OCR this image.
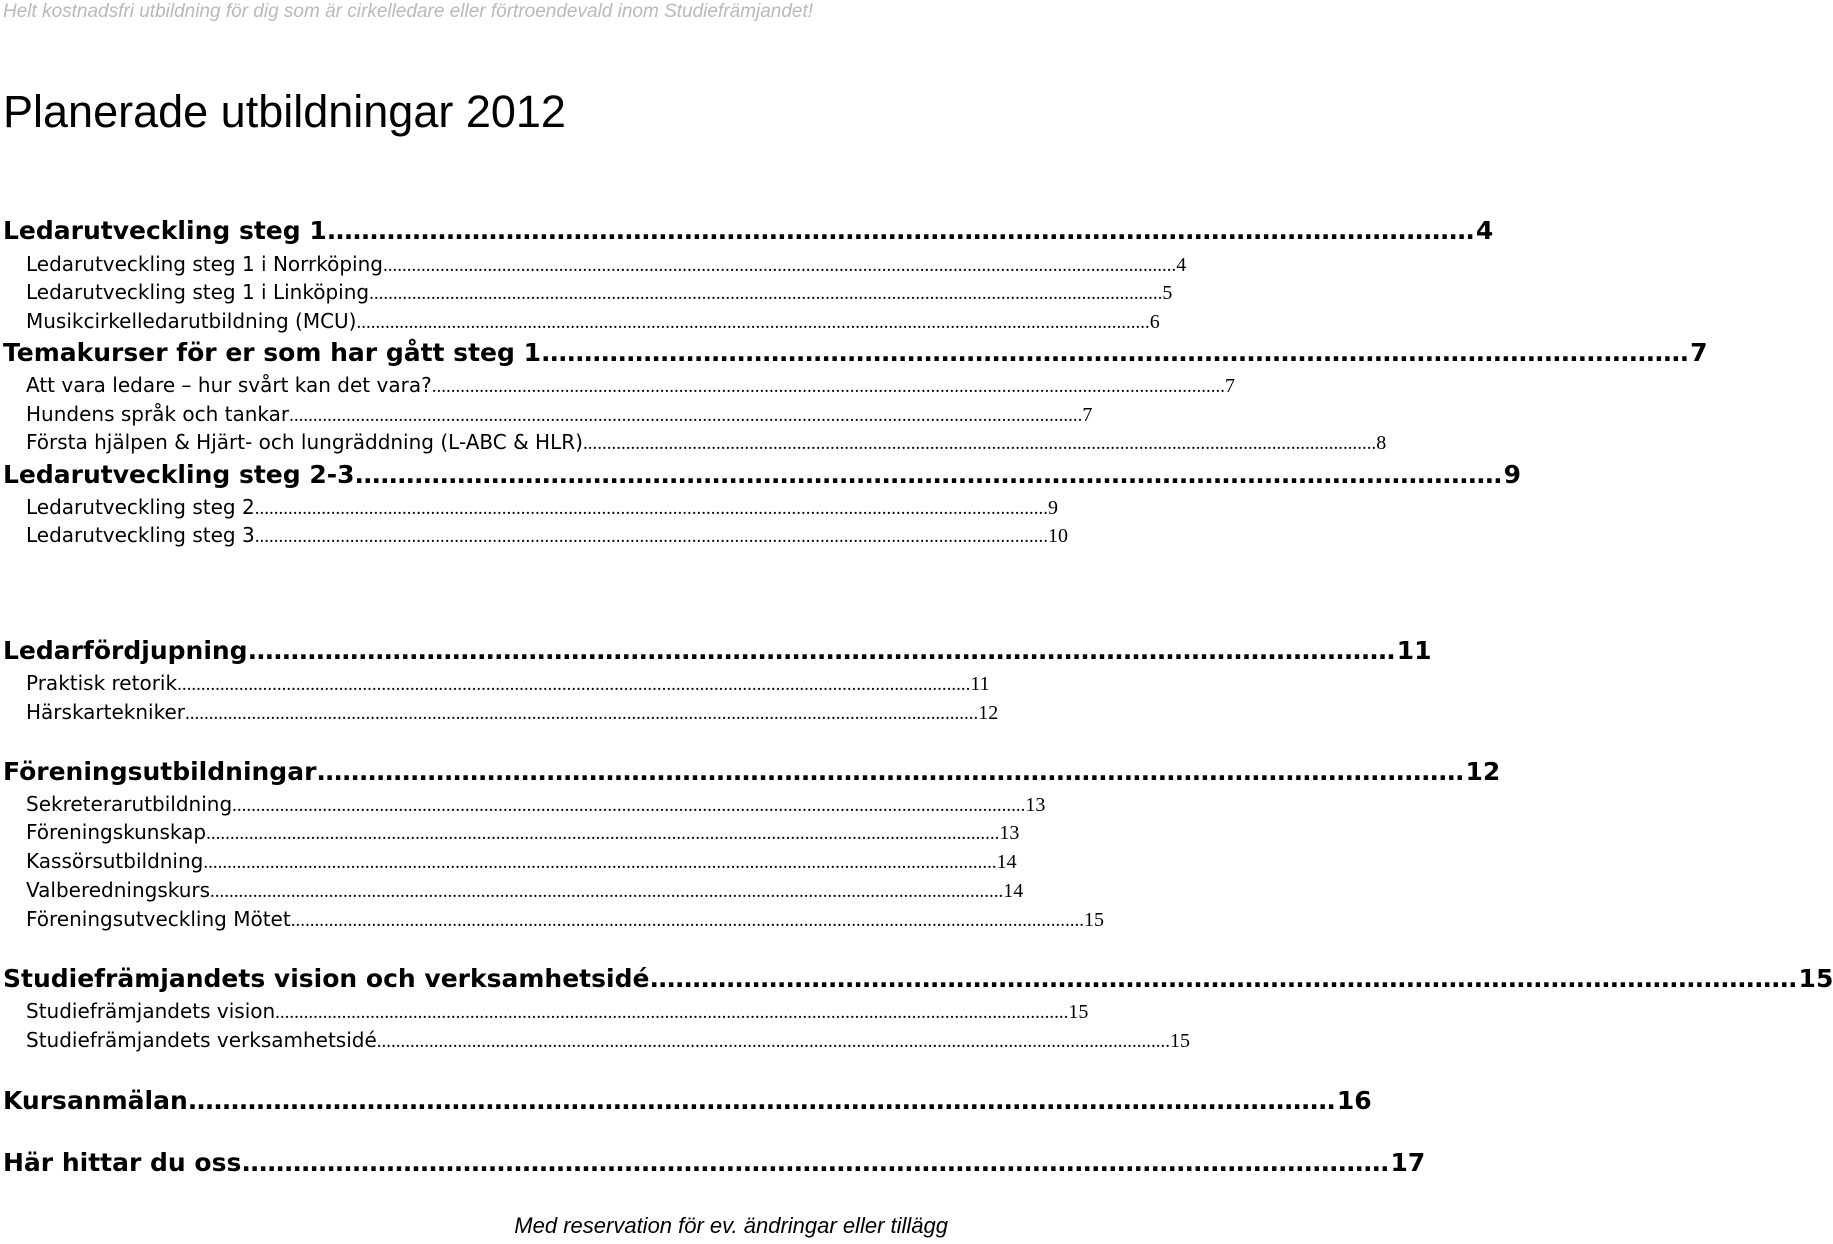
Helt kostnadsfri utbildning för dig som är cirkelledare eller förtroendevald inom Studiefrämjandet!
Planerade utbildningar 2012
Ledarutveckling steg 1 ....................................................................................................................................... 4
Ledarutveckling steg 1 i Norrköping ....................................................................................................................................................................... 4
Ledarutveckling steg 1 i Linköping ....................................................................................................................................................................... 5
Musikcirkelledarutbildning (MCU) ....................................................................................................................................................................... 6
Temakurser för er som har gått steg 1 ....................................................................................................................................... 7
Att vara ledare – hur svårt kan det vara? ....................................................................................................................................................................... 7
Hundens språk och tankar ....................................................................................................................................................................... 7
Första hjälpen & Hjärt- och lungräddning (L-ABC & HLR) ....................................................................................................................................................................... 8
Ledarutveckling steg 2-3 ....................................................................................................................................... 9
Ledarutveckling steg 2 ....................................................................................................................................................................... 9
Ledarutveckling steg 3 ....................................................................................................................................................................... 10
Ledarfördjupning ....................................................................................................................................... 11
Praktisk retorik ....................................................................................................................................................................... 11
Härskartekniker ....................................................................................................................................................................... 12
Föreningsutbildningar ....................................................................................................................................... 12
Sekreterarutbildning ....................................................................................................................................................................... 13
Föreningskunskap ....................................................................................................................................................................... 13
Kassörsutbildning ....................................................................................................................................................................... 14
Valberedningskurs ....................................................................................................................................................................... 14
Föreningsutveckling Mötet ....................................................................................................................................................................... 15
Studiefrämjandets vision och verksamhetsidé ....................................................................................................................................... 15
Studiefrämjandets vision ....................................................................................................................................................................... 15
Studiefrämjandets verksamhetsidé ....................................................................................................................................................................... 15
Kursanmälan ....................................................................................................................................... 16
Här hittar du oss ....................................................................................................................................... 17
Med reservation för ev. ändringar eller tillägg
